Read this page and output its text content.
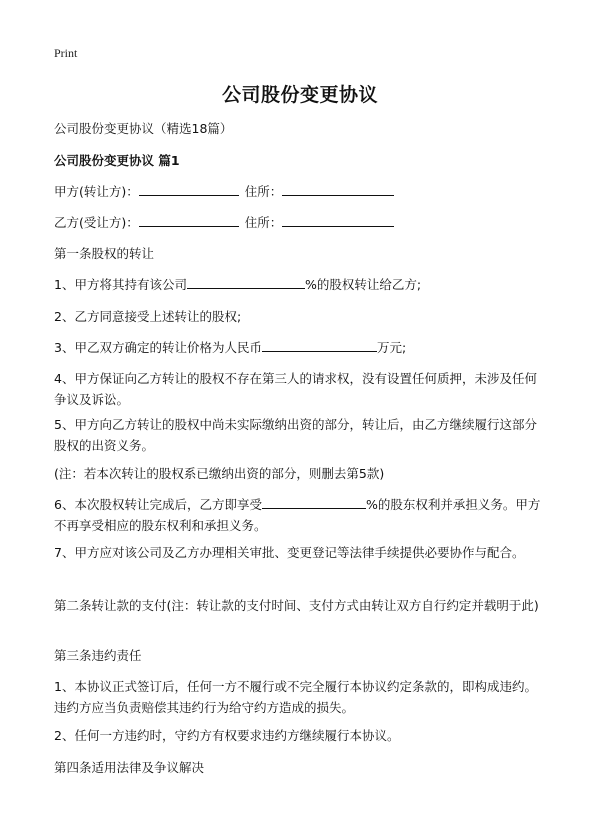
Print
公司股份变更协议
公司股份变更协议（精选18篇）
公司股份变更协议 篇1
甲方(转让方)：	住所：
乙方(受让方)：	住所：
第一条股权的转让
1、甲方将其持有该公司	%的股权转让给乙方;
2、乙方同意接受上述转让的股权;
3、甲乙双方确定的转让价格为人民币	万元;
4、甲方保证向乙方转让的股权不存在第三人的请求权，没有设置任何质押，未涉及任何争议及诉讼。
5、甲方向乙方转让的股权中尚未实际缴纳出资的部分，转让后，由乙方继续履行这部分股权的出资义务。
(注：若本次转让的股权系已缴纳出资的部分，则删去第5款)
6、本次股权转让完成后，乙方即享受	%的股东权利并承担义务。甲方不再享受相应的股东权利和承担义务。
7、甲方应对该公司及乙方办理相关审批、变更登记等法律手续提供必要协作与配合。
第二条转让款的支付(注：转让款的支付时间、支付方式由转让双方自行约定并载明于此)
第三条违约责任
1、本协议正式签订后，任何一方不履行或不完全履行本协议约定条款的，即构成违约。违约方应当负责赔偿其违约行为给守约方造成的损失。
2、任何一方违约时，守约方有权要求违约方继续履行本协议。
第四条适用法律及争议解决
